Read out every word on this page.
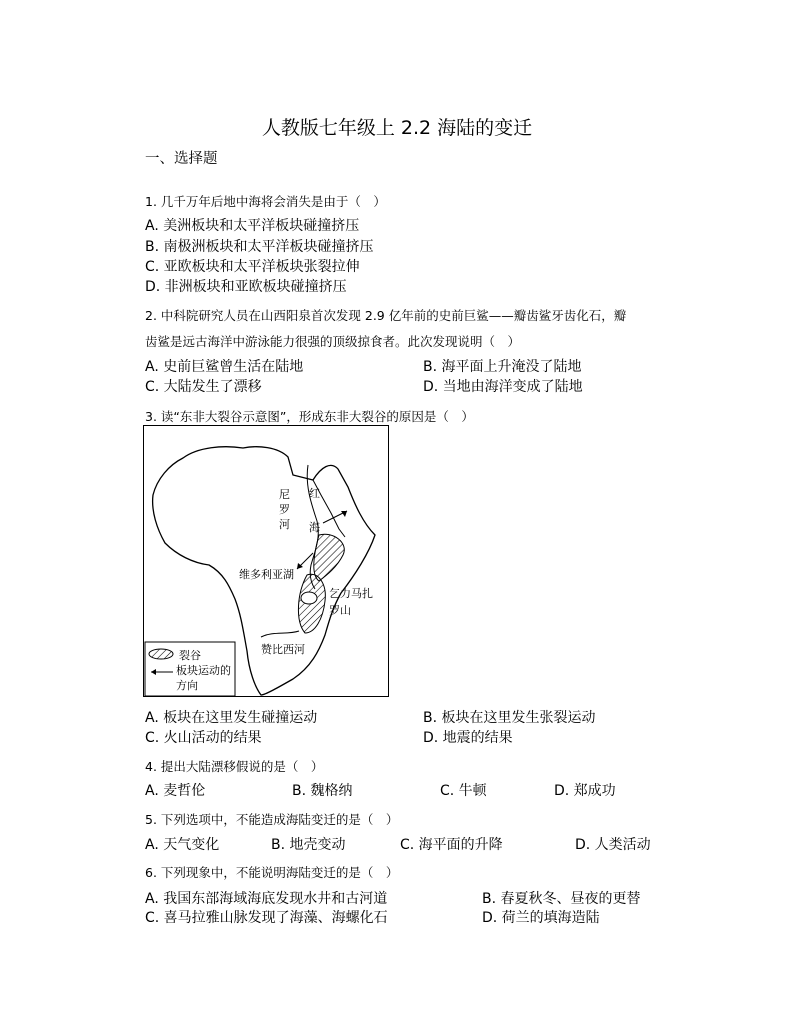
人教版七年级上 2.2 海陆的变迁
一、选择题
1. 几千万年后地中海将会消失是由于（　）
A. 美洲板块和太平洋板块碰撞挤压
B. 南极洲板块和太平洋板块碰撞挤压
C. 亚欧板块和太平洋板块张裂拉伸
D. 非洲板块和亚欧板块碰撞挤压
2. 中科院研究人员在山西阳泉首次发现 2.9 亿年前的史前巨鲨——瓣齿鲨牙齿化石，瓣
齿鲨是远古海洋中游泳能力很强的顶级掠食者。此次发现说明（　）
A. 史前巨鲨曾生活在陆地	B. 海平面上升淹没了陆地
C. 大陆发生了漂移	D. 当地由海洋变成了陆地
3. 读“东非大裂谷示意图”，形成东非大裂谷的原因是（　）
尼罗河
红海
维多利亚湖
乞力马扎罗山
赞比西河
裂谷
板块运动的方向
A. 板块在这里发生碰撞运动	B. 板块在这里发生张裂运动
C. 火山活动的结果	D. 地震的结果
4. 提出大陆漂移假说的是（　）
A. 麦哲伦	B. 魏格纳	C. 牛顿	D. 郑成功
5. 下列选项中，不能造成海陆变迁的是（　）
A. 天气变化	B. 地壳变动	C. 海平面的升降	D. 人类活动
6. 下列现象中，不能说明海陆变迁的是（　）
A. 我国东部海域海底发现水井和古河道	B. 春夏秋冬、昼夜的更替
C. 喜马拉雅山脉发现了海藻、海螺化石	D. 荷兰的填海造陆
